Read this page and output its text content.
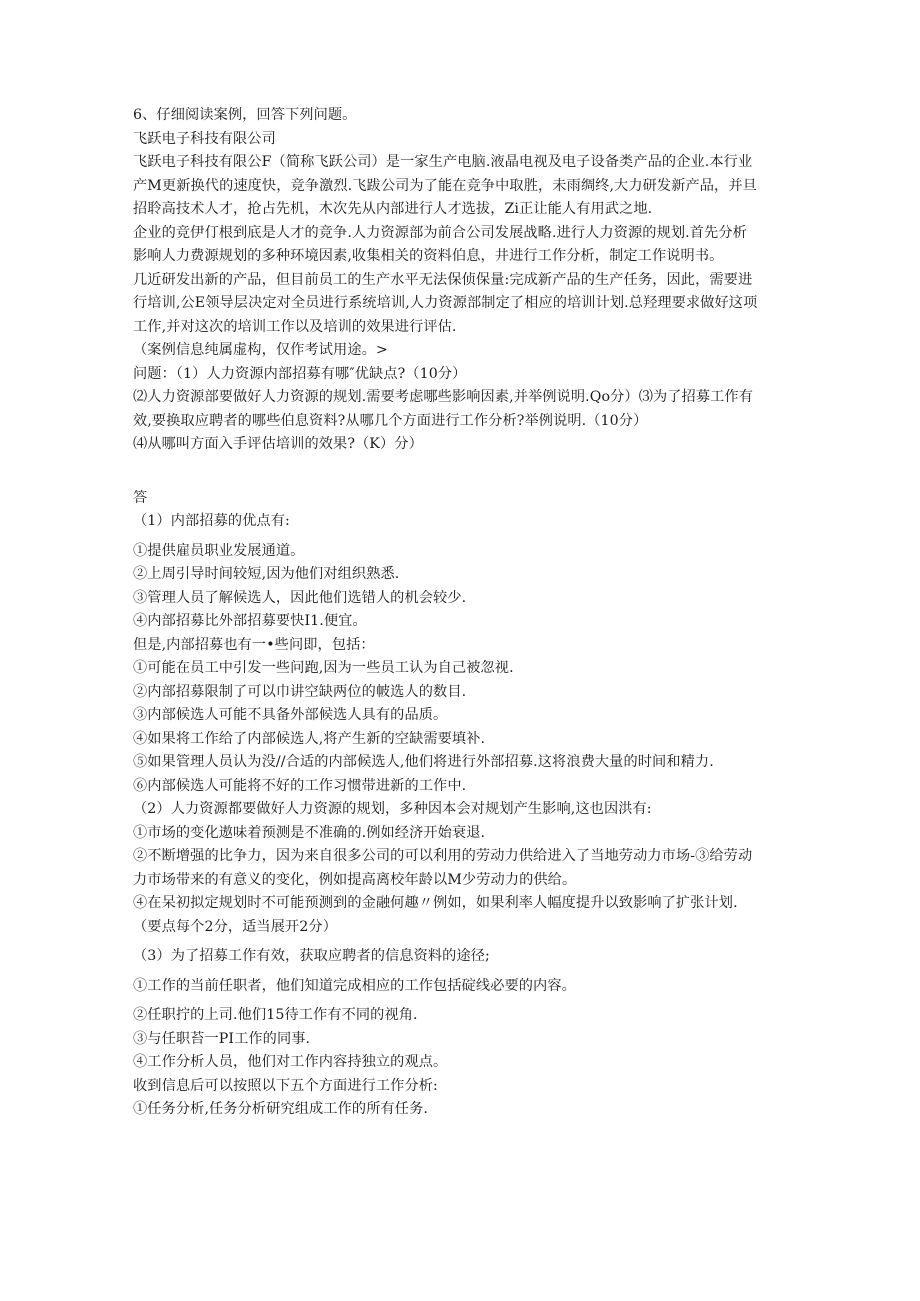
6、仔细阅读案例，回答下列问题。
飞跃电子科技有限公司
飞跃电子科技有限公F（简称飞跃公司）是一家生产电脑.液晶电视及电子设备类产品的企业.本行业
产M更新换代的速度快，竞争激烈.飞跋公司为了能在竞争中取胜，未雨绸终,大力研发新产品，并旦
招聆高技术人才，抢占先机，木次先从内部进行人才选拔，Zi正让能人有用武之地.
企业的竞伊仃根到底是人才的竞争.人力资源部为前合公司发展战略.进行人力资源的规划.首先分析
影响人力费源规划的多种环境因素,收集相关的资料伯息，井进行工作分析，制定工作说明书。
几近研发出新的产品，但目前员工的生产水平无法保侦保量:完成新产品的生产任务，因此，需要进
行培训,公E领导层决定对全员进行系统培训,人力资源部制定了相应的培训计划.总羟理要求做好这项
工作,并对这次的培训工作以及培训的效果进行评估.
（案例信息纯属虚构，仅作考试用途。>
问题：（1）人力资源内部招募有哪″优缺点?（10分）
⑵人力资源部要做好人力资源的规划.需要考虑哪些影响因素,并举例说明.Qo分）⑶为了招募工作有
效,要换取应聘者的哪些伯息资料?从哪几个方面进行工作分析?举例说明.（10分）
⑷从哪叫方面入手评估培训的效果?（K）分）
答
（1）内部招募的优点有:
①提供雇员职业发展通道。
②上周引导时间较短,因为他们对组织熟悉.
③管理人员了解候选人，因此他们选错人的机会较少.
④内部招募比外部招募要快I1.便宜。
但是,内部招募也有一•些问即，包括：
①可能在员工中引发一些问跑,因为一些员工认为自己被忽视.
②内部招募限制了可以巾讲空缺两位的帔选人的数目.
③内部候选人可能不具备外部候选人具有的品质。
④如果将工作给了内部候选人,将产生新的空缺需要填补.
⑤如果管理人员认为没//合适的内部候选人,他们将进行外部招募.这将浪费大量的时间和精力.
⑥内部候选人可能将不好的工作习惯带进新的工作中.
（2）人力资源都要做好人力资源的规划，多种因本会对规划产生影响,这也因洪有:
①市场的变化遨味着预测是不准确的.例如经济开始衰退.
②不断增强的比争力，因为来自很多公司的可以利用的劳动力供给进入了当地劳动力市场-③给劳动
力市场带来的有意义的变化，例如提高离校年龄以M少劳动力的供给。
④在呆初拟定规划时不可能预测到的金融何趣〃例如，如果利率人幅度提升以致影响了扩张计划.
（要点每个2分，适当展开2分）
（3）为了招募工作有效，获取应聘者的信息资料的途径;
①工作的当前任职者，他们知道完成相应的工作包括碇线必要的内容。
②任职拧的上司.他们15待工作有不同的视角.
③与任职苔一PI工作的同事.
④工作分析人员，他们对工作内容持独立的观点。
收到信息后可以按照以下五个方面进行工作分析:
①任务分析,任务分析研究组成工作的所有任务.
